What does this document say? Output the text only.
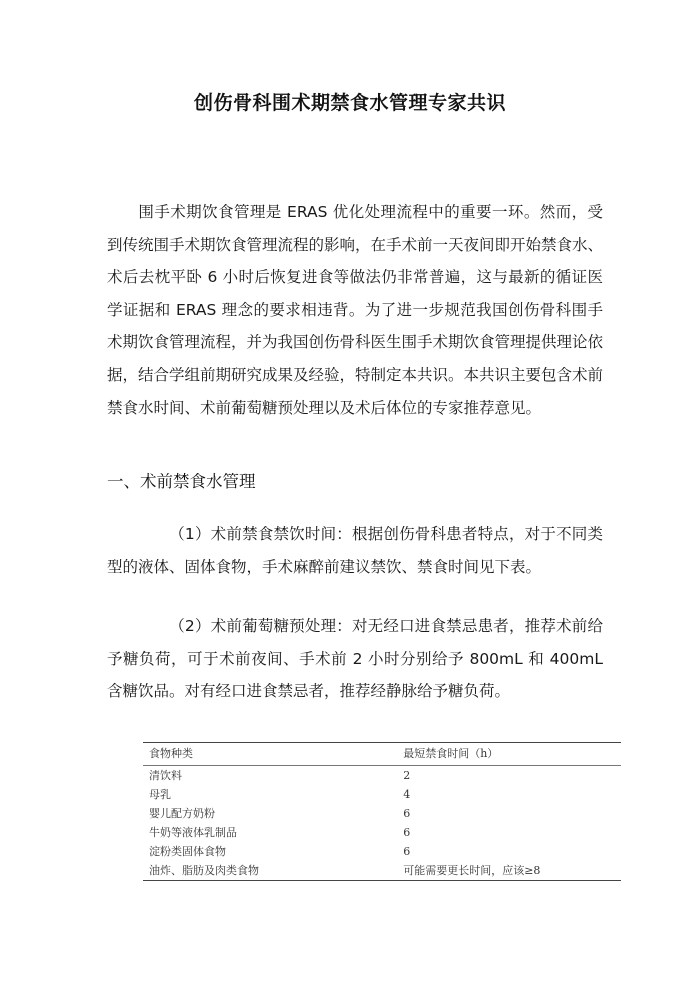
创伤骨科围术期禁食水管理专家共识

围手术期饮食管理是 ERAS 优化处理流程中的重要一环。然而，受到传统围手术期饮食管理流程的影响，在手术前一天夜间即开始禁食水、术后去枕平卧 6 小时后恢复进食等做法仍非常普遍，这与最新的循证医学证据和 ERAS 理念的要求相违背。为了进一步规范我国创伤骨科围手术期饮食管理流程，并为我国创伤骨科医生围手术期饮食管理提供理论依据，结合学组前期研究成果及经验，特制定本共识。本共识主要包含术前禁食水时间、术前葡萄糖预处理以及术后体位的专家推荐意见。

一、术前禁食水管理

（1）术前禁食禁饮时间：根据创伤骨科患者特点，对于不同类型的液体、固体食物，手术麻醉前建议禁饮、禁食时间见下表。

（2）术前葡萄糖预处理：对无经口进食禁忌患者，推荐术前给予糖负荷，可于术前夜间、手术前 2 小时分别给予 800mL 和 400mL 含糖饮品。对有经口进食禁忌者，推荐经静脉给予糖负荷。

食物种类	最短禁食时间（h）
清饮料	2
母乳	4
婴儿配方奶粉	6
牛奶等液体乳制品	6
淀粉类固体食物	6
油炸、脂肪及肉类食物	可能需要更长时间，应该≥8
